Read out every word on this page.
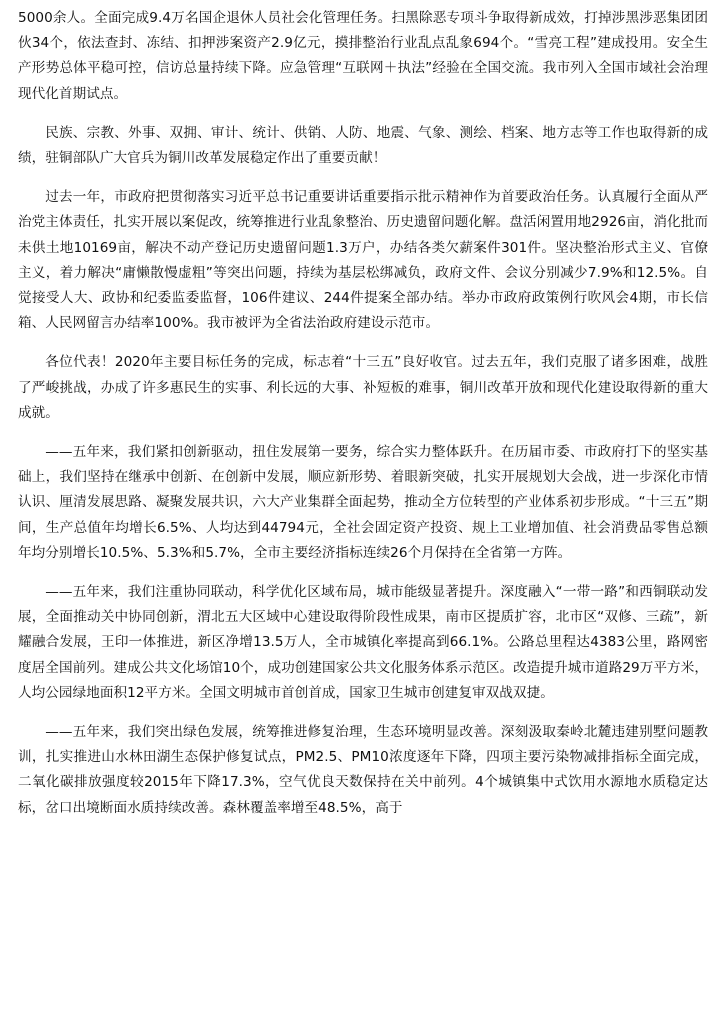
5000余人。全面完成9.4万名国企退休人员社会化管理任务。扫黑除恶专项斗争取得新成效，打掉涉黑涉恶集团团伙34个，依法查封、冻结、扣押涉案资产2.9亿元，摸排整治行业乱点乱象694个。“雪亮工程”建成投用。安全生产形势总体平稳可控，信访总量持续下降。应急管理“互联网＋执法”经验在全国交流。我市列入全国市域社会治理现代化首期试点。

民族、宗教、外事、双拥、审计、统计、供销、人防、地震、气象、测绘、档案、地方志等工作也取得新的成绩，驻铜部队广大官兵为铜川改革发展稳定作出了重要贡献！

过去一年，市政府把贯彻落实习近平总书记重要讲话重要指示批示精神作为首要政治任务。认真履行全面从严治党主体责任，扎实开展以案促改，统筹推进行业乱象整治、历史遗留问题化解。盘活闲置用地2926亩，消化批而未供土地10169亩，解决不动产登记历史遗留问题1.3万户，办结各类欠薪案件301件。坚决整治形式主义、官僚主义，着力解决“庸懒散慢虚粗”等突出问题，持续为基层松绑减负，政府文件、会议分别减少7.9%和12.5%。自觉接受人大、政协和纪委监委监督，106件建议、244件提案全部办结。举办市政府政策例行吹风会4期，市长信箱、人民网留言办结率100%。我市被评为全省法治政府建设示范市。

各位代表！2020年主要目标任务的完成，标志着“十三五”良好收官。过去五年，我们克服了诸多困难，战胜了严峻挑战，办成了许多惠民生的实事、利长远的大事、补短板的难事，铜川改革开放和现代化建设取得新的重大成就。

——五年来，我们紧扣创新驱动，扭住发展第一要务，综合实力整体跃升。在历届市委、市政府打下的坚实基础上，我们坚持在继承中创新、在创新中发展，顺应新形势、着眼新突破，扎实开展规划大会战，进一步深化市情认识、厘清发展思路、凝聚发展共识，六大产业集群全面起势，推动全方位转型的产业体系初步形成。“十三五”期间，生产总值年均增长6.5%、人均达到44794元，全社会固定资产投资、规上工业增加值、社会消费品零售总额年均分别增长10.5%、5.3%和5.7%，全市主要经济指标连续26个月保持在全省第一方阵。

——五年来，我们注重协同联动，科学优化区域布局，城市能级显著提升。深度融入“一带一路”和西铜联动发展，全面推动关中协同创新，渭北五大区域中心建设取得阶段性成果，南市区提质扩容，北市区“双修、三疏”，新耀融合发展，王印一体推进，新区净增13.5万人，全市城镇化率提高到66.1%。公路总里程达4383公里，路网密度居全国前列。建成公共文化场馆10个，成功创建国家公共文化服务体系示范区。改造提升城市道路29万平方米，人均公园绿地面积12平方米。全国文明城市首创首成，国家卫生城市创建复审双战双捷。

——五年来，我们突出绿色发展，统筹推进修复治理，生态环境明显改善。深刻汲取秦岭北麓违建别墅问题教训，扎实推进山水林田湖生态保护修复试点，PM2.5、PM10浓度逐年下降，四项主要污染物减排指标全面完成，二氧化碳排放强度较2015年下降17.3%，空气优良天数保持在关中前列。4个城镇集中式饮用水源地水质稳定达标，岔口出境断面水质持续改善。森林覆盖率增至48.5%，高于
